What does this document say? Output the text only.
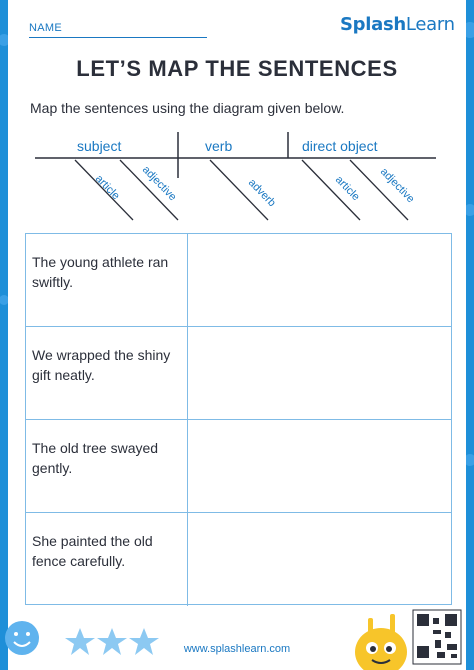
NAME	SplashLearn
LET’S MAP THE SENTENCES
Map the sentences using the diagram given below.
subject	verb	direct object
article adjective	adverb	article adjective
The young athlete ran swiftly.
We wrapped the shiny gift neatly.
The old tree swayed gently.
She painted the old fence carefully.
www.splashlearn.com
